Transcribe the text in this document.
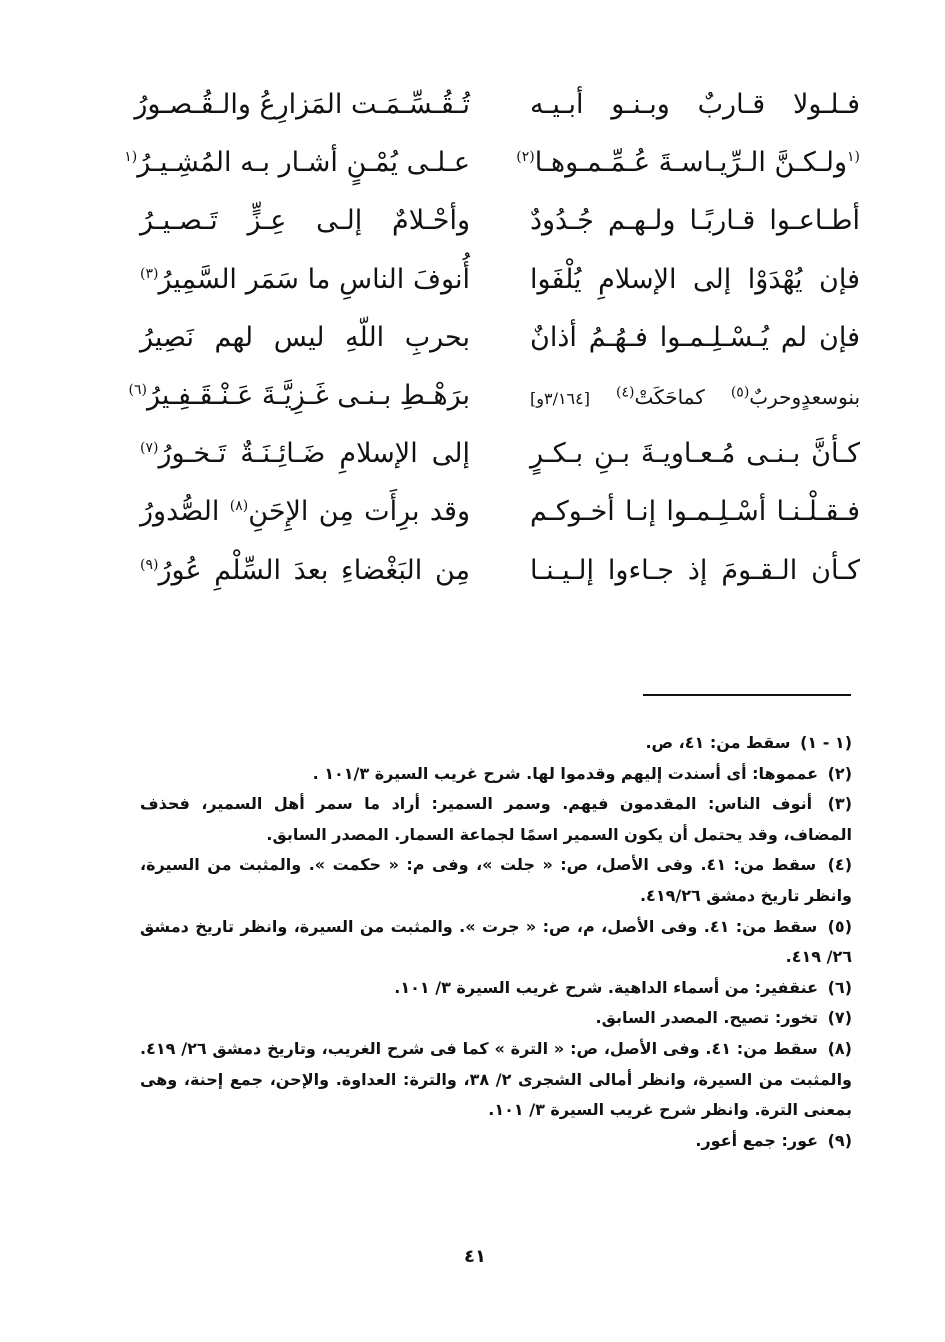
فـلـولا قـاربٌ وبـنـو أبـيـه
تُـقُـسِّـمَـت المَزارِعُ والـقُـصـورُ
$^{(١}$ولـكـنَّ الـرِّيـاسـةَ عُـمِّـمـوهـا$^{(٢)}$
عـلـى يُمْـنٍ أشـار بـه المُشِـيـرُ$^{(١}$
أطـاعـوا قـاربًـا ولـهـم جُـدُودٌ
وأحْـلامٌ إلـى عِـزٍّ تَـصـيـرُ
فإن يُهْدَوْا إلى الإسلامِ يُلْفَوا
أُنوفَ الناسِ ما سَمَر السَّمِيرُ$^{(٣)}$
فإن لم يُـسْـلِـمـوا فـهُـمُ أذانٌ
بحربِ اللّهِ ليس لهم نَصِيرُ
بنوسعدٍوحربٌ$^{(٥)}$ كماحَكَتْ$^{(٤)}$ [٣/١٦٤و]
برَهْـطِ بـنـى غَـزِيَّـةَ عَـنْـقَـفِـيرُ$^{(٦)}$
كـأنَّ بـنـى مُـعـاويـةَ بـنِ بـكـرٍ
إلى الإسلامِ ضَـائِـنَـةٌ تَـخـورُ$^{(٧)}$
فـقـلْـنـا أسْـلِـمـوا إنـا أخـوكـم
وقد برِأَت مِن الإِحَنِ$^{(٨)}$ الصُّدورُ
كـأن الـقـومَ إذ جـاءوا إلـيـنـا
مِن البَغْضاءِ بعدَ السِّلْمِ عُورُ$^{(٩)}$
(١ - ١) سقط من: ٤١، ص.
(٢) عمموها: أى أسندت إليهم وقدموا لها. شرح غريب السيرة ١٠١/٣ .
(٣) أنوف الناس: المقدمون فيهم. وسمر السمير: أراد ما سمر أهل السمير، فحذف المضاف، وقد يحتمل أن يكون السمير اسمًا لجماعة السمار. المصدر السابق.
(٤) سقط من: ٤١. وفى الأصل، ص: « جلت »، وفى م: « حكمت ». والمثبت من السيرة، وانظر تاريخ دمشق ٤١٩/٢٦.
(٥) سقط من: ٤١. وفى الأصل، م، ص: « جرت ». والمثبت من السيرة، وانظر تاريخ دمشق ٢٦/ ٤١٩.
(٦) عنقفير: من أسماء الداهية. شرح غريب السيرة ٣/ ١٠١.
(٧) تخور: تصيح. المصدر السابق.
(٨) سقط من: ٤١. وفى الأصل، ص: « الترة » كما فى شرح الغريب، وتاريخ دمشق ٢٦/ ٤١٩. والمثبت من السيرة، وانظر أمالى الشجرى ٢/ ٣٨، والترة: العداوة. والإحن، جمع إحنة، وهى بمعنى الترة. وانظر شرح غريب السيرة ٣/ ١٠١.
(٩) عور: جمع أعور.
٤١
